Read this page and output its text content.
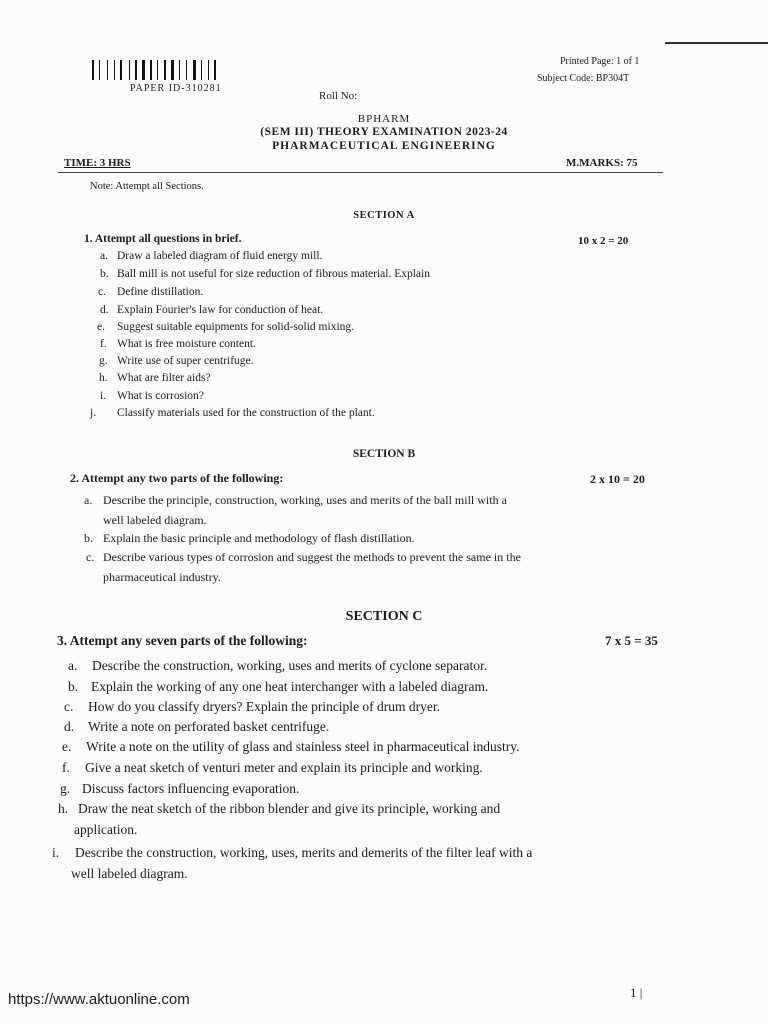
PAPER ID-310281
Printed Page: 1 of 1
Subject Code: BP304T
Roll No:
BPHARM
(SEM III) THEORY EXAMINATION 2023-24
PHARMACEUTICAL ENGINEERING
TIME: 3 HRS	M.MARKS: 75
Note: Attempt all Sections.
SECTION A
1. Attempt all questions in brief.	10 x 2 = 20
SECTION B
2. Attempt any two parts of the following:	2 x 10 = 20
SECTION C
3. Attempt any seven parts of the following:	7 x 5 = 35
1 |
https://www.aktuonline.com
a. Draw a labeled diagram of fluid energy mill.
b. Ball mill is not useful for size reduction of fibrous material. Explain
c. Define distillation.
d. Explain Fourier's law for conduction of heat.
e. Suggest suitable equipments for solid-solid mixing.
f. What is free moisture content.
g. Write use of super centrifuge.
h. What are filter aids?
i. What is corrosion?
j. Classify materials used for the construction of the plant.
a. Describe the principle, construction, working, uses and merits of the ball mill with a
well labeled diagram.
b. Explain the basic principle and methodology of flash distillation.
c. Describe various types of corrosion and suggest the methods to prevent the same in the
pharmaceutical industry.
a. Describe the construction, working, uses and merits of cyclone separator.
b. Explain the working of any one heat interchanger with a labeled diagram.
c. How do you classify dryers? Explain the principle of drum dryer.
d. Write a note on perforated basket centrifuge.
e. Write a note on the utility of glass and stainless steel in pharmaceutical industry.
f. Give a neat sketch of venturi meter and explain its principle and working.
g. Discuss factors influencing evaporation.
h. Draw the neat sketch of the ribbon blender and give its principle, working and
application.
i. Describe the construction, working, uses, merits and demerits of the filter leaf with a
well labeled diagram.
